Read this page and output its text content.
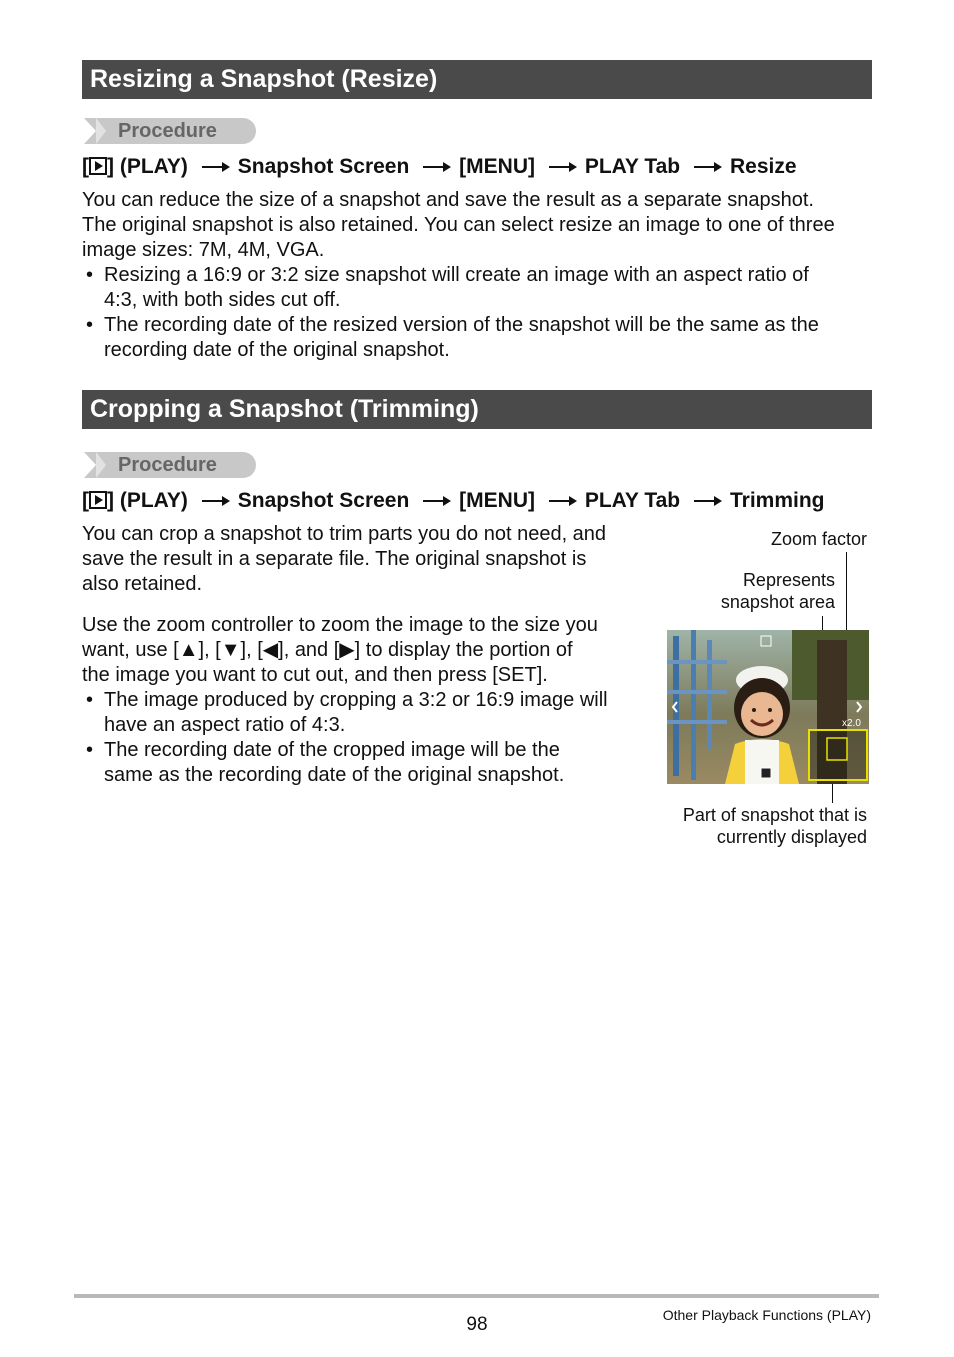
Resizing a Snapshot (Resize)
Procedure
[ ] (PLAY) Snapshot Screen [MENU] PLAY Tab Resize

You can reduce the size of a snapshot and save the result as a separate snapshot.
The original snapshot is also retained. You can select resize an image to one of three
image sizes: 7M, 4M, VGA.

• Resizing a 16:9 or 3:2 size snapshot will create an image with an aspect ratio of
4:3, with both sides cut off.
• The recording date of the resized version of the snapshot will be the same as the
recording date of the original snapshot.
Cropping a Snapshot (Trimming)
Procedure
[ ] (PLAY) Snapshot Screen [MENU] PLAY Tab Trimming

You can crop a snapshot to trim parts you do not need, and
save the result in a separate file. The original snapshot is
also retained.

Use the zoom controller to zoom the image to the size you
want, use [▲], [▼], [◀], and [▶] to display the portion of
the image you want to cut out, and then press [SET].

• The image produced by cropping a 3:2 or 16:9 image will
have an aspect ratio of 4:3.
• The recording date of the cropped image will be the
same as the recording date of the original snapshot.
Zoom factor
Represents
snapshot area
Part of snapshot that is
currently displayed
x2.0
98	Other Playback Functions (PLAY)
